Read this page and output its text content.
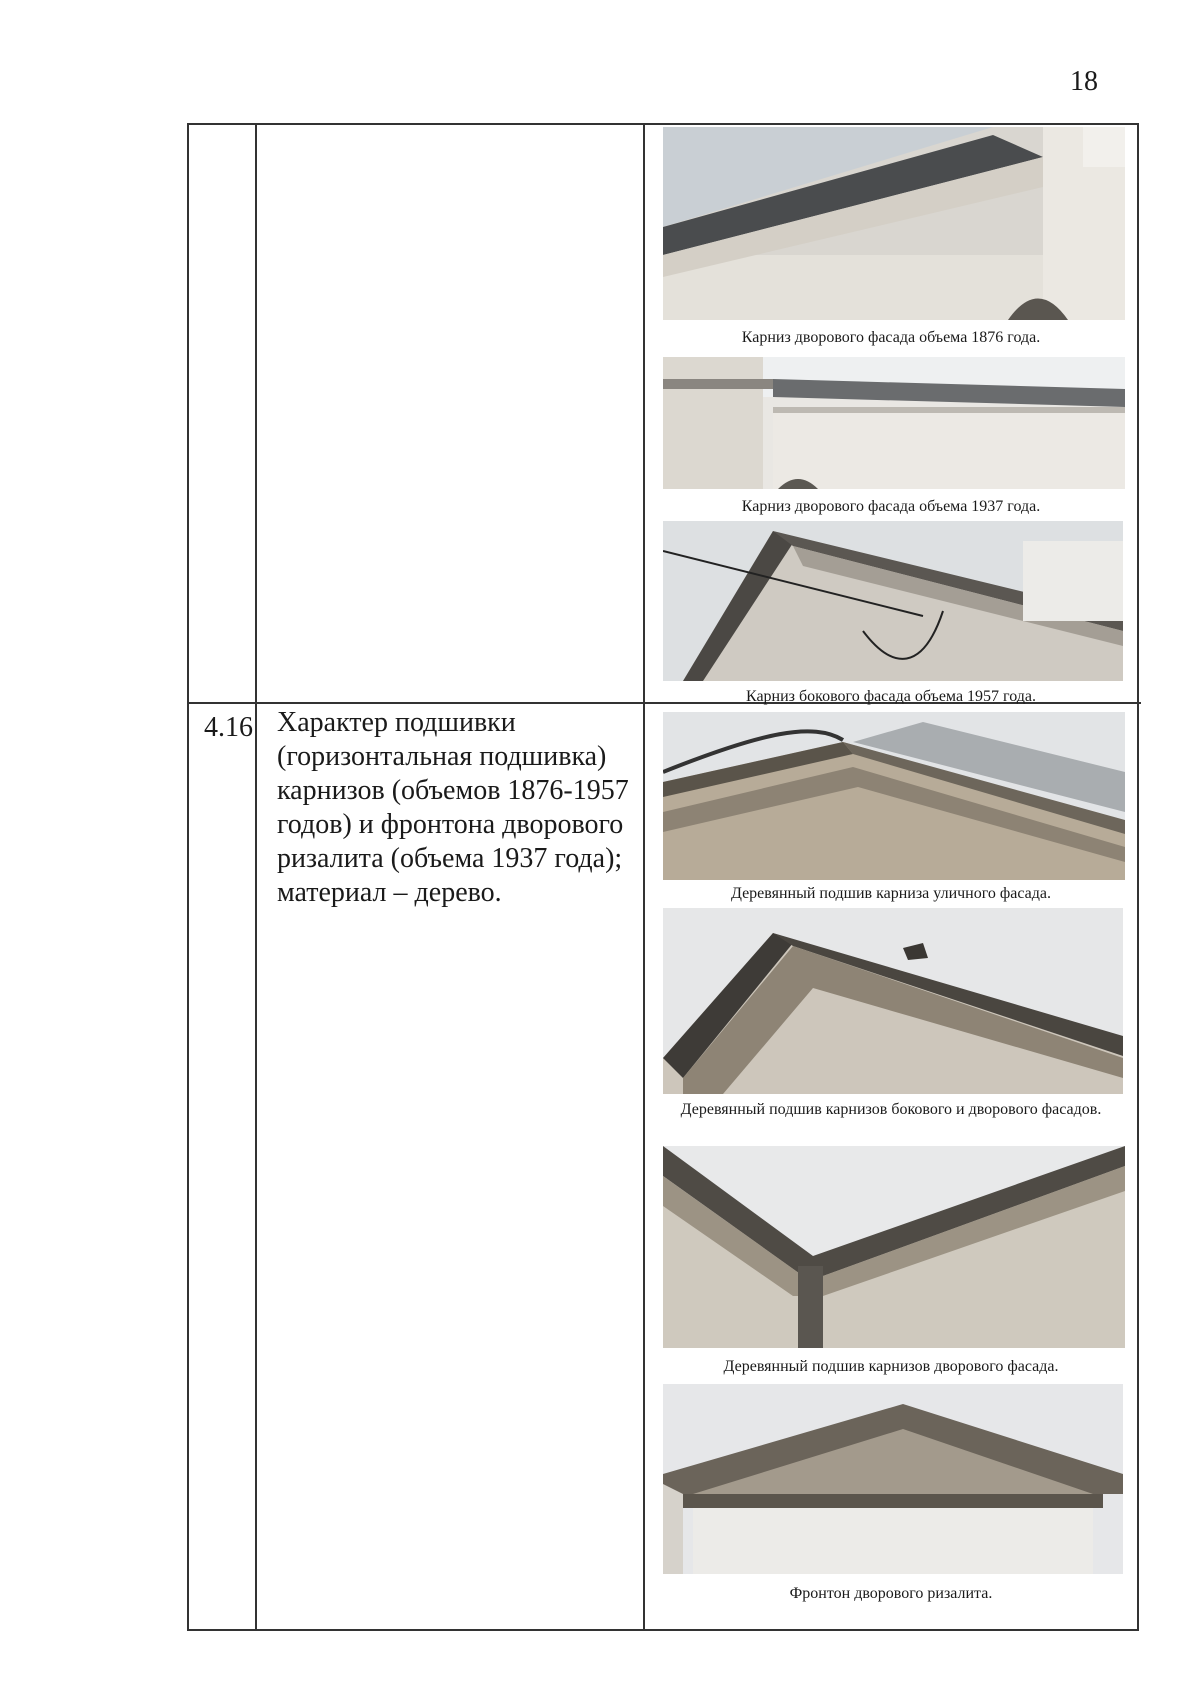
18
4.16 Характер подшивки (горизонтальная подшивка) карнизов (объемов 1876-1957 годов) и фронтона дворового ризалита (объема 1937 года); материал – дерево.
Карниз дворового фасада объема 1876 года.
Карниз дворового фасада объема 1937 года.
Карниз бокового фасада объема 1957 года.
Деревянный подшив карниза уличного фасада.
Деревянный подшив карнизов бокового и дворового фасадов.
Деревянный подшив карнизов дворового фасада.
Фронтон дворового ризалита.
